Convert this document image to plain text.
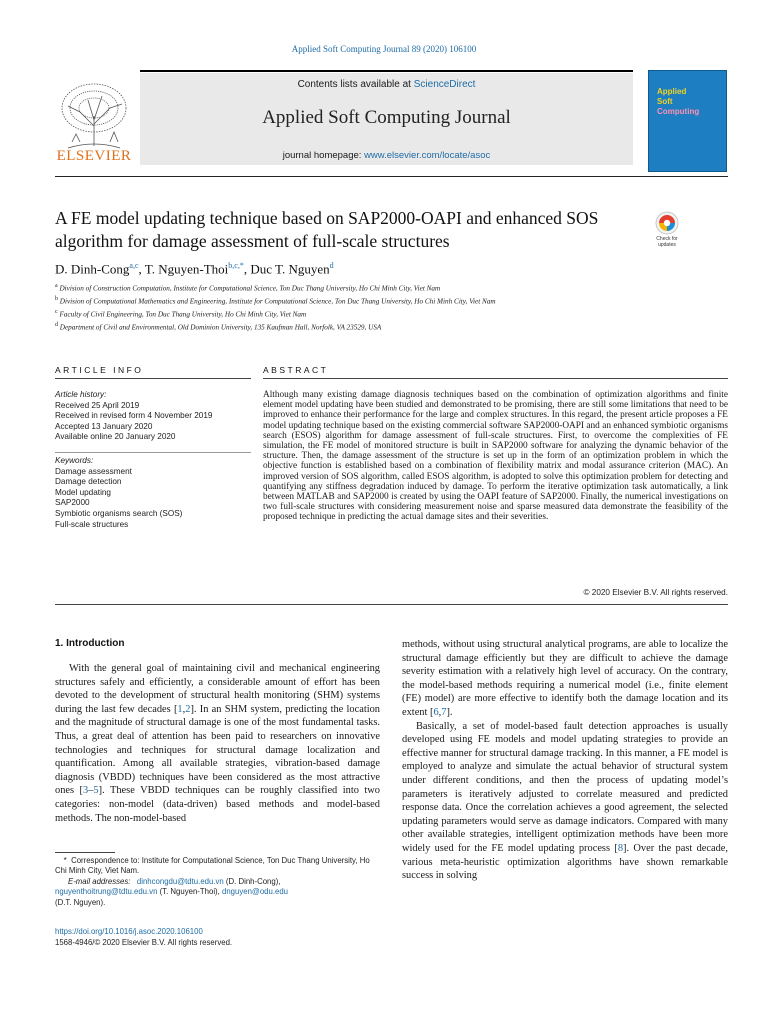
Applied Soft Computing Journal 89 (2020) 106100
ELSEVIER
Contents lists available at ScienceDirect
Applied Soft Computing Journal
journal homepage: www.elsevier.com/locate/asoc
Applied
Soft
Computing
A FE model updating technique based on SAP2000-OAPI and enhanced SOS algorithm for damage assessment of full-scale structures	Check for
updates
D. Dinh-Cong$^{a,c}$, T. Nguyen-Thoi$^{b,c,*}$, Duc T. Nguyen$^d$

$^a$ Division of Construction Computation, Institute for Computational Science, Ton Duc Thang University, Ho Chi Minh City, Viet Nam

$^b$ Division of Computational Mathematics and Engineering, Institute for Computational Science, Ton Duc Thang University, Ho Chi Minh City, Viet Nam

$^c$ Faculty of Civil Engineering, Ton Duc Thang University, Ho Chi Minh City, Viet Nam

$^d$ Department of Civil and Environmental, Old Dominion University, 135 Kaufman Hall, Norfolk, VA 23529, USA

ARTICLE INFO	ABSTRACT
Article history:
Received 25 April 2019
Received in revised form 4 November 2019
Accepted 13 January 2020
Available online 20 January 2020
Keywords:
Damage assessment
Damage detection
Model updating
SAP2000
Symbiotic organisms search (SOS)
Full-scale structures
Although many existing damage diagnosis techniques based on the combination of optimization algorithms and finite element model updating have been studied and demonstrated to be promising, there are still some limitations that need to be improved to enhance their performance for the large and complex structures. In this regard, the present article proposes a FE model updating technique based on the existing commercial software SAP2000-OAPI and an enhanced symbiotic organisms search (ESOS) algorithm for damage assessment of full-scale structures. First, to overcome the complexities of FE simulation, the FE model of monitored structure is built in SAP2000 software for analyzing the dynamic behavior of the structure. Then, the damage assessment of the structure is set up in the form of an optimization problem in which the objective function is established based on a combination of flexibility matrix and modal assurance criterion (MAC). An improved version of SOS algorithm, called ESOS algorithm, is adopted to solve this optimization problem for detecting and quantifying any stiffness degradation induced by damage. To perform the iterative optimization task automatically, a link between MATLAB and SAP2000 is created by using the OAPI feature of SAP2000. Finally, the numerical investigations on two full-scale structures with considering measurement noise and sparse measured data demonstrate the feasibility of the proposed technique in predicting the actual damage sites and their severities.
© 2020 Elsevier B.V. All rights reserved.
1. Introduction

With the general goal of maintaining civil and mechanical engineering structures safely and efficiently, a considerable amount of effort has been devoted to the development of structural health monitoring (SHM) systems during the last few decades [1,2]. In an SHM system, predicting the location and the magnitude of structural damage is one of the most fundamental tasks. Thus, a great deal of attention has been paid to researchers on innovative technologies and techniques for structural damage localization and quantification. Among all available strategies, vibration-based damage diagnosis (VBDD) techniques have been considered as the most attractive ones [3–5]. These VBDD techniques can be roughly classified into two categories: non-model (data-driven) based methods and model-based methods. The non-model-based

methods, without using structural analytical programs, are able to localize the structural damage efficiently but they are difficult to achieve the damage severity estimation with a relatively high level of accuracy. On the contrary, the model-based methods requiring a numerical model (i.e., finite element (FE) model) are more effective to identify both the damage location and its extent [6,7].

Basically, a set of model-based fault detection approaches is usually developed using FE models and model updating strategies to provide an effective manner for structural damage tracking. In this manner, a FE model is employed to analyze and simulate the actual behavior of structural system under different conditions, and then the process of updating model’s parameters is iteratively adjusted to correlate measured and predicted response data. Once the correlation achieves a good agreement, the selected updating parameters would serve as damage indicators. Compared with many other available strategies, intelligent optimization methods have been more widely used for the FE model updating process [8]. Over the past decade, various meta-heuristic optimization algorithms have shown remarkable success in solving

* Correspondence to: Institute for Computational Science, Ton Duc Thang University, Ho Chi Minh City, Viet Nam.

E-mail addresses: dinhcongdu@tdtu.edu.vn (D. Dinh-Cong),
nguyenthoitrung@tdtu.edu.vn (T. Nguyen-Thoi), dnguyen@odu.edu
(D.T. Nguyen).

https://doi.org/10.1016/j.asoc.2020.106100

1568-4946/© 2020 Elsevier B.V. All rights reserved.
